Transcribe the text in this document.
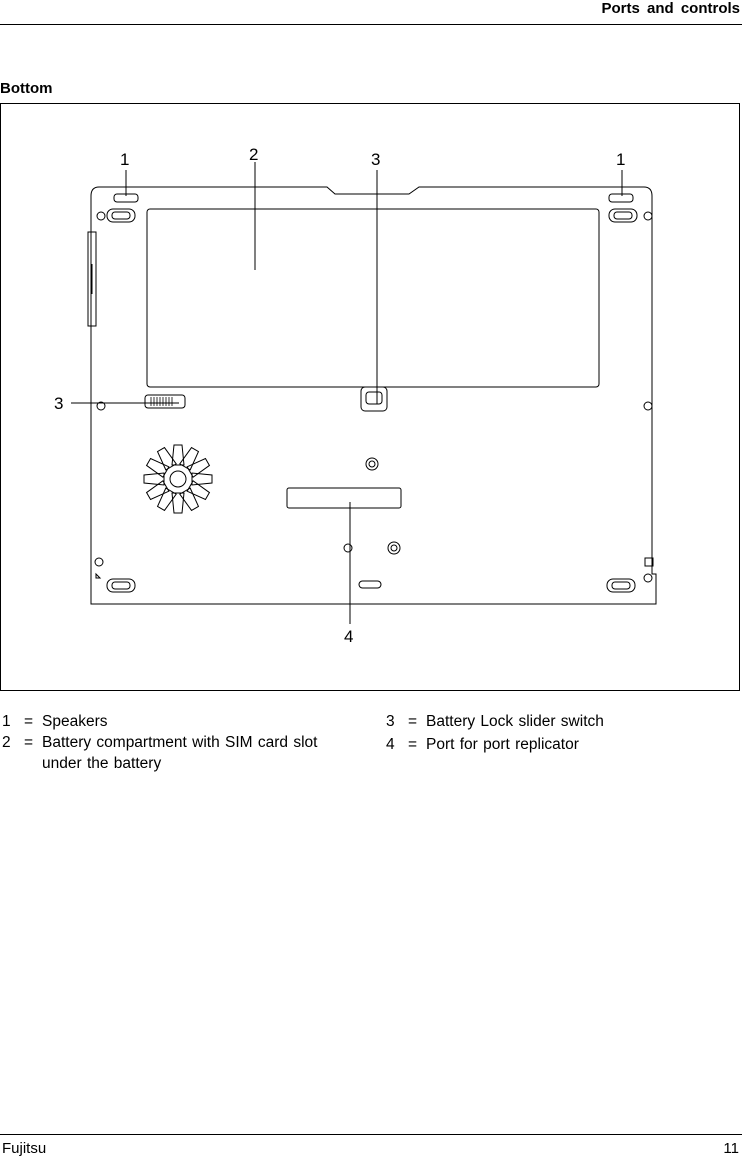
Ports and controls
Bottom
1	1
2	3
3
4
1 = Speakers
2 = Battery compartment with SIM card slot under the battery
3 = Battery Lock slider switch
4 = Port for port replicator
Fujitsu	11
